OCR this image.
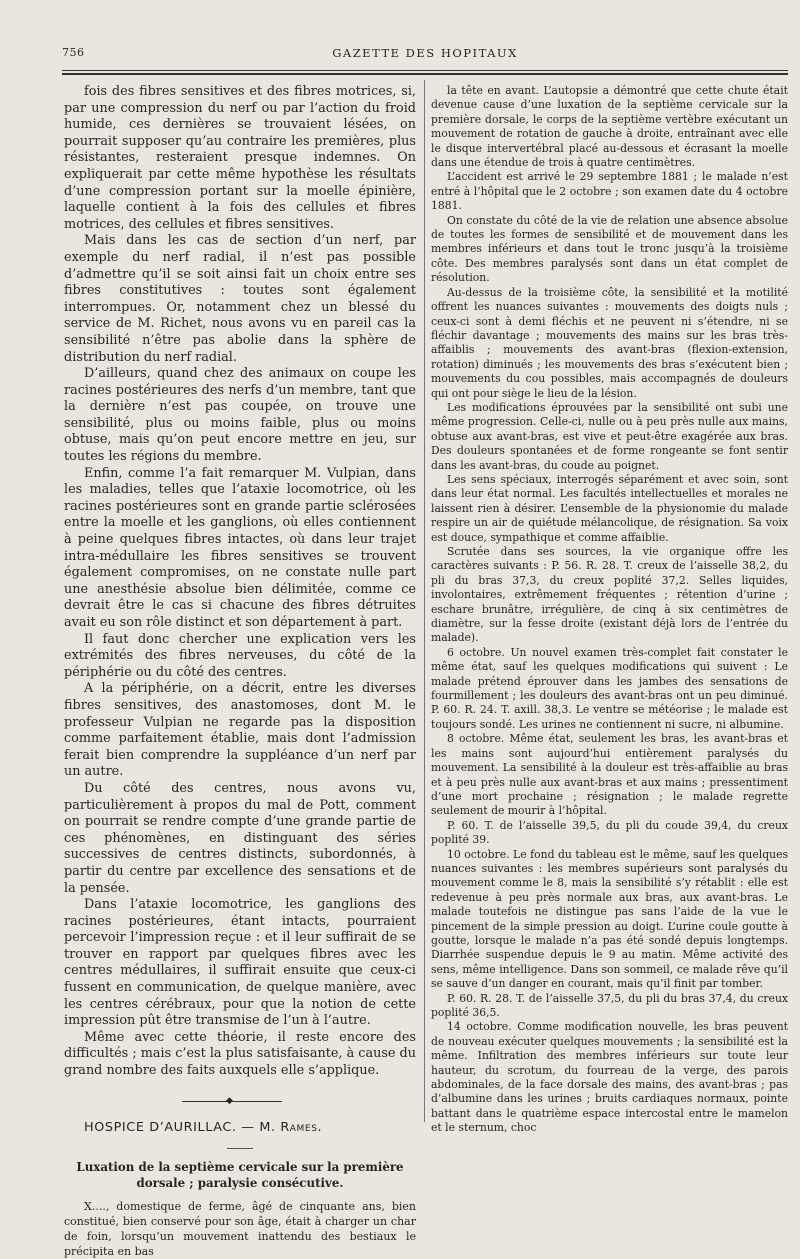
756	GAZETTE DES HOPITAUX

fois des fibres sensitives et des fibres motrices, si, par une compression du nerf ou par l’action du froid humide, ces dernières se trouvaient lésées, on pourrait supposer qu’au contraire les premières, plus résistantes, resteraient presque indemnes. On expliquerait par cette même hypothèse les résultats d’une compression portant sur la moelle épinière, laquelle contient à la fois des cellules et fibres motrices, des cellules et fibres sensitives.

Mais dans les cas de section d’un nerf, par exemple du nerf radial, il n’est pas possible d’admettre qu’il se soit ainsi fait un choix entre ses fibres constitutives : toutes sont également interrompues. Or, notamment chez un blessé du service de M. Richet, nous avons vu en pareil cas la sensibilité n’être pas abolie dans la sphère de distribution du nerf radial.

D’ailleurs, quand chez des animaux on coupe les racines postérieures des nerfs d’un membre, tant que la dernière n’est pas coupée, on trouve une sensibilité, plus ou moins faible, plus ou moins obtuse, mais qu’on peut encore mettre en jeu, sur toutes les régions du membre.

Enfin, comme l’a fait remarquer M. Vulpian, dans les maladies, telles que l’ataxie locomotrice, où les racines postérieures sont en grande partie sclérosées entre la moelle et les ganglions, où elles contiennent à peine quelques fibres intactes, où dans leur trajet intra-médullaire les fibres sensitives se trouvent également compromises, on ne constate nulle part une anesthésie absolue bien délimitée, comme ce devrait être le cas si chacune des fibres détruites avait eu son rôle distinct et son département à part.

Il faut donc chercher une explication vers les extrémités des fibres nerveuses, du côté de la périphérie ou du côté des centres.

A la périphérie, on a décrit, entre les diverses fibres sensitives, des anastomoses, dont M. le professeur Vulpian ne regarde pas la disposition comme parfaitement établie, mais dont l’admission ferait bien comprendre la suppléance d’un nerf par un autre.

Du côté des centres, nous avons vu, particulièrement à propos du mal de Pott, comment on pourrait se rendre compte d’une grande partie de ces phénomènes, en distinguant des séries successives de centres distincts, subordonnés, à partir du centre par excellence des sensations et de la pensée.

Dans l’ataxie locomotrice, les ganglions des racines postérieures, étant intacts, pourraient percevoir l’impression reçue : et il leur suffirait de se trouver en rapport par quelques fibres avec les centres médullaires, il suffirait ensuite que ceux-ci fussent en communication, de quelque manière, avec les centres cérébraux, pour que la notion de cette impression pût être transmise de l’un à l’autre.

Même avec cette théorie, il reste encore des difficultés ; mais c’est la plus satisfaisante, à cause du grand nombre des faits auxquels elle s’applique.

◆

HOSPICE D’AURILLAC. — M. Rames.

Luxation de la septième cervicale sur la première dorsale ; paralysie consécutive.

X...., domestique de ferme, âgé de cinquante ans, bien constitué, bien conservé pour son âge, était à charger un char de foin, lorsqu’un mouvement inattendu des bestiaux le précipita en bas

la tête en avant. L’autopsie a démontré que cette chute était devenue cause d’une luxation de la septième cervicale sur la première dorsale, le corps de la septième vertèbre exécutant un mouvement de rotation de gauche à droite, entraînant avec elle le disque intervertébral placé au-dessous et écrasant la moelle dans une étendue de trois à quatre centimètres.

L’accident est arrivé le 29 septembre 1881 ; le malade n’est entré à l’hôpital que le 2 octobre ; son examen date du 4 octobre 1881.

On constate du côté de la vie de relation une absence absolue de toutes les formes de sensibilité et de mouvement dans les membres inférieurs et dans tout le tronc jusqu’à la troisième côte. Des membres paralysés sont dans un état complet de résolution.

Au-dessus de la troisième côte, la sensibilité et la motilité offrent les nuances suivantes : mouvements des doigts nuls ; ceux-ci sont à demi fléchis et ne peuvent ni s’étendre, ni se fléchir davantage ; mouvements des mains sur les bras très-affaiblis ; mouvements des avant-bras (flexion-extension, rotation) diminués ; les mouvements des bras s’exécutent bien ; mouvements du cou possibles, mais accompagnés de douleurs qui ont pour siège le lieu de la lésion.

Les modifications éprouvées par la sensibilité ont subi une même progression. Celle-ci, nulle ou à peu près nulle aux mains, obtuse aux avant-bras, est vive et peut-être exagérée aux bras. Des douleurs spontanées et de forme rongeante se font sentir dans les avant-bras, du coude au poignet.

Les sens spéciaux, interrogés séparément et avec soin, sont dans leur état normal. Les facultés intellectuelles et morales ne laissent rien à désirer. L’ensemble de la physionomie du malade respire un air de quiétude mélancolique, de résignation. Sa voix est douce, sympathique et comme affaiblie.

Scrutée dans ses sources, la vie organique offre les caractères suivants : P. 56. R. 28. T. creux de l’aisselle 38,2, du pli du bras 37,3, du creux poplité 37,2. Selles liquides, involontaires, extrêmement fréquentes ; rétention d’urine ; eschare brunâtre, irrégulière, de cinq à six centimètres de diamètre, sur la fesse droite (existant déjà lors de l’entrée du malade).

6 octobre. Un nouvel examen très-complet fait constater le même état, sauf les quelques modifications qui suivent : Le malade prétend éprouver dans les jambes des sensations de fourmillement ; les douleurs des avant-bras ont un peu diminué. P. 60. R. 24. T. axill. 38,3. Le ventre se météorise ; le malade est toujours sondé. Les urines ne contiennent ni sucre, ni albumine.

8 octobre. Même état, seulement les bras, les avant-bras et les mains sont aujourd’hui entièrement paralysés du mouvement. La sensibilité à la douleur est très-affaiblie au bras et à peu près nulle aux avant-bras et aux mains ; pressentiment d’une mort prochaine ; résignation ; le malade regrette seulement de mourir à l’hôpital.

P. 60. T. de l’aisselle 39,5, du pli du coude 39,4, du creux poplité 39.

10 octobre. Le fond du tableau est le même, sauf les quelques nuances suivantes : les membres supérieurs sont paralysés du mouvement comme le 8, mais la sensibilité s’y rétablit : elle est redevenue à peu près normale aux bras, aux avant-bras. Le malade toutefois ne distingue pas sans l’aide de la vue le pincement de la simple pression au doigt. L’urine coule goutte à goutte, lorsque le malade n’a pas été sondé depuis longtemps. Diarrhée suspendue depuis le 9 au matin. Même activité des sens, même intelligence. Dans son sommeil, ce malade rêve qu’il se sauve d’un danger en courant, mais qu’il finit par tomber.

P. 60. R. 28. T. de l’aisselle 37,5, du pli du bras 37,4, du creux poplité 36,5.

14 octobre. Comme modification nouvelle, les bras peuvent de nouveau exécuter quelques mouvements ; la sensibilité est la même. Infiltration des membres inférieurs sur toute leur hauteur, du scrotum, du fourreau de la verge, des parois abdominales, de la face dorsale des mains, des avant-bras ; pas d’albumine dans les urines ; bruits cardiaques normaux, pointe battant dans le quatrième espace intercostal entre le mamelon et le sternum, choc
